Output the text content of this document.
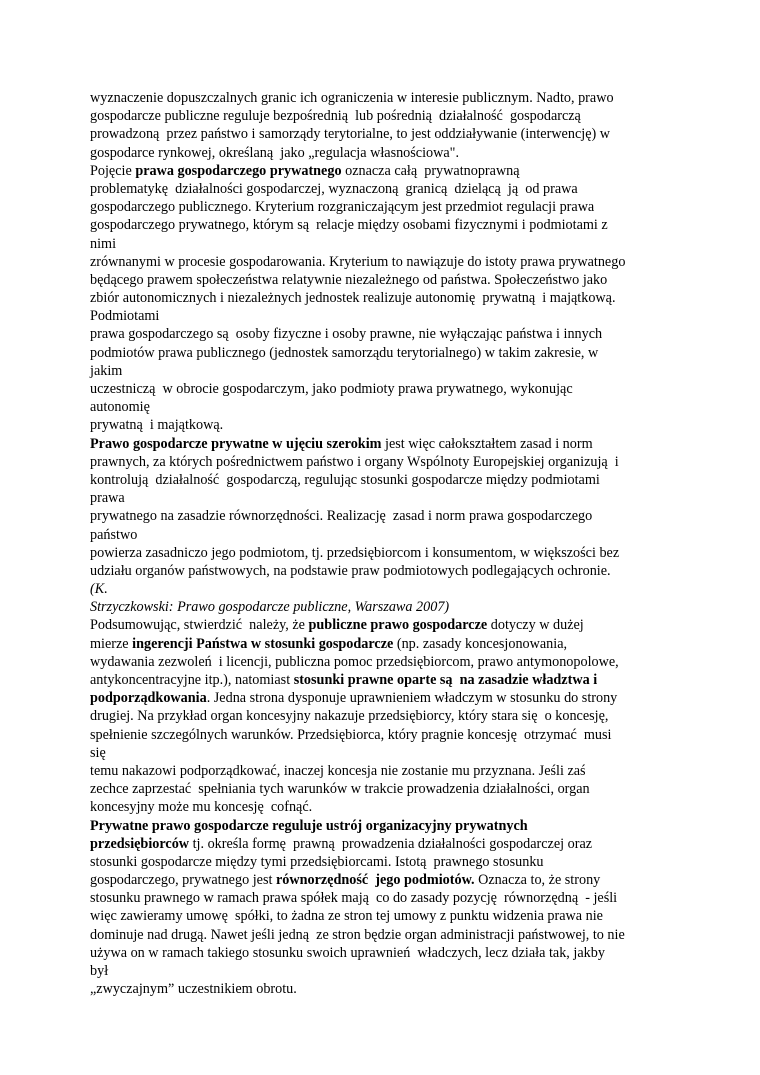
wyznaczenie dopuszczalnych granic ich ograniczenia w interesie publicznym. Nadto, prawo
gospodarcze publiczne reguluje bezpośrednią  lub pośrednią  działalność  gospodarczą
prowadzoną  przez państwo i samorządy terytorialne, to jest oddziaływanie (interwencję) w
gospodarce rynkowej, określaną  jako „regulacja własnościowa".
Pojęcie prawa gospodarczego prywatnego oznacza całą  prywatnoprawną
problematykę  działalności gospodarczej, wyznaczoną  granicą  dzielącą  ją  od prawa
gospodarczego publicznego. Kryterium rozgraniczającym jest przedmiot regulacji prawa
gospodarczego prywatnego, którym są  relacje między osobami fizycznymi i podmiotami z
nimi
zrównanymi w procesie gospodarowania. Kryterium to nawiązuje do istoty prawa prywatnego
będącego prawem społeczeństwa relatywnie niezależnego od państwa. Społeczeństwo jako
zbiór autonomicznych i niezależnych jednostek realizuje autonomię  prywatną  i majątkową.
Podmiotami
prawa gospodarczego są  osoby fizyczne i osoby prawne, nie wyłączając państwa i innych
podmiotów prawa publicznego (jednostek samorządu terytorialnego) w takim zakresie, w
jakim
uczestniczą  w obrocie gospodarczym, jako podmioty prawa prywatnego, wykonując
autonomię
prywatną  i majątkową.
Prawo gospodarcze prywatne w ujęciu szerokim jest więc całokształtem zasad i norm
prawnych, za których pośrednictwem państwo i organy Wspólnoty Europejskiej organizują  i
kontrolują  działalność  gospodarczą, regulując stosunki gospodarcze między podmiotami
prawa
prywatnego na zasadzie równorzędności. Realizację  zasad i norm prawa gospodarczego
państwo
powierza zasadniczo jego podmiotom, tj. przedsiębiorcom i konsumentom, w większości bez
udziału organów państwowych, na podstawie praw podmiotowych podlegających ochronie.
(K.
Strzyczkowski: Prawo gospodarcze publiczne, Warszawa 2007)
Podsumowując, stwierdzić  należy, że publiczne prawo gospodarcze dotyczy w dużej
mierze ingerencji Państwa w stosunki gospodarcze (np. zasady koncesjonowania,
wydawania zezwoleń  i licencji, publiczna pomoc przedsiębiorcom, prawo antymonopolowe,
antykoncentracyjne itp.), natomiast stosunki prawne oparte są  na zasadzie władztwa i
podporządkowania. Jedna strona dysponuje uprawnieniem władczym w stosunku do strony
drugiej. Na przykład organ koncesyjny nakazuje przedsiębiorcy, który stara się  o koncesję,
spełnienie szczególnych warunków. Przedsiębiorca, który pragnie koncesję  otrzymać  musi
się
temu nakazowi podporządkować, inaczej koncesja nie zostanie mu przyznana. Jeśli zaś
zechce zaprzestać  spełniania tych warunków w trakcie prowadzenia działalności, organ
koncesyjny może mu koncesję  cofnąć.
Prywatne prawo gospodarcze reguluje ustrój organizacyjny prywatnych
przedsiębiorców tj. określa formę  prawną  prowadzenia działalności gospodarczej oraz
stosunki gospodarcze między tymi przedsiębiorcami. Istotą  prawnego stosunku
gospodarczego, prywatnego jest równorzędność  jego podmiotów. Oznacza to, że strony
stosunku prawnego w ramach prawa spółek mają  co do zasady pozycję  równorzędną  - jeśli
więc zawieramy umowę  spółki, to żadna ze stron tej umowy z punktu widzenia prawa nie
dominuje nad drugą. Nawet jeśli jedną  ze stron będzie organ administracji państwowej, to nie
używa on w ramach takiego stosunku swoich uprawnień  władczych, lecz działa tak, jakby
był
„zwyczajnym” uczestnikiem obrotu.
